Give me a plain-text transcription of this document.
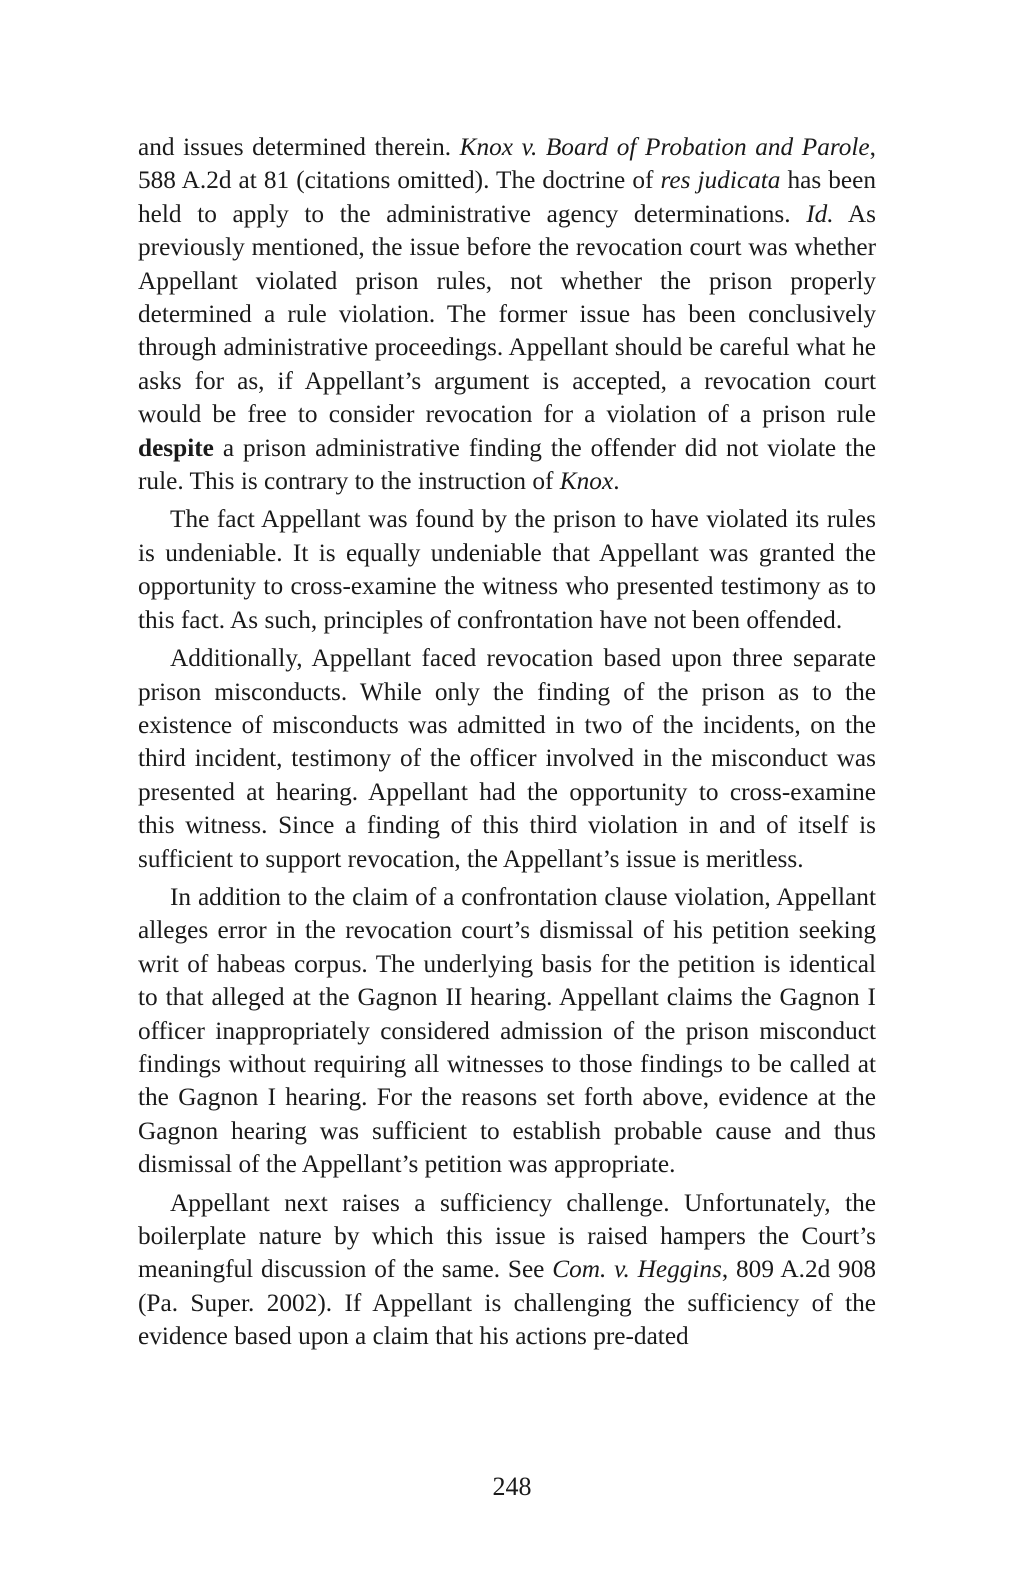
and issues determined therein. Knox v. Board of Probation and Parole, 588 A.2d at 81 (citations omitted). The doctrine of res judicata has been held to apply to the administrative agency determinations. Id. As previously mentioned, the issue before the revocation court was whether Appellant violated prison rules, not whether the prison properly determined a rule violation. The former issue has been conclusively through administrative proceedings. Appellant should be careful what he asks for as, if Appellant’s argument is accepted, a revocation court would be free to consider revocation for a violation of a prison rule despite a prison administrative finding the offender did not violate the rule. This is contrary to the instruction of Knox.

The fact Appellant was found by the prison to have violated its rules is undeniable. It is equally undeniable that Appellant was granted the opportunity to cross-examine the witness who presented testimony as to this fact. As such, principles of confrontation have not been offended.

Additionally, Appellant faced revocation based upon three separate prison misconducts. While only the finding of the prison as to the existence of misconducts was admitted in two of the incidents, on the third incident, testimony of the officer involved in the misconduct was presented at hearing. Appellant had the opportunity to cross-examine this witness. Since a finding of this third violation in and of itself is sufficient to support revocation, the Appellant’s issue is meritless.

In addition to the claim of a confrontation clause violation, Appellant alleges error in the revocation court’s dismissal of his petition seeking writ of habeas corpus. The underlying basis for the petition is identical to that alleged at the Gagnon II hearing. Appellant claims the Gagnon I officer inappropriately considered admission of the prison misconduct findings without requiring all witnesses to those findings to be called at the Gagnon I hearing. For the reasons set forth above, evidence at the Gagnon hearing was sufficient to establish probable cause and thus dismissal of the Appellant’s petition was appropriate.

Appellant next raises a sufficiency challenge. Unfortunately, the boilerplate nature by which this issue is raised hampers the Court’s meaningful discussion of the same. See Com. v. Heggins, 809 A.2d 908 (Pa. Super. 2002). If Appellant is challenging the sufficiency of the evidence based upon a claim that his actions pre-dated

248
